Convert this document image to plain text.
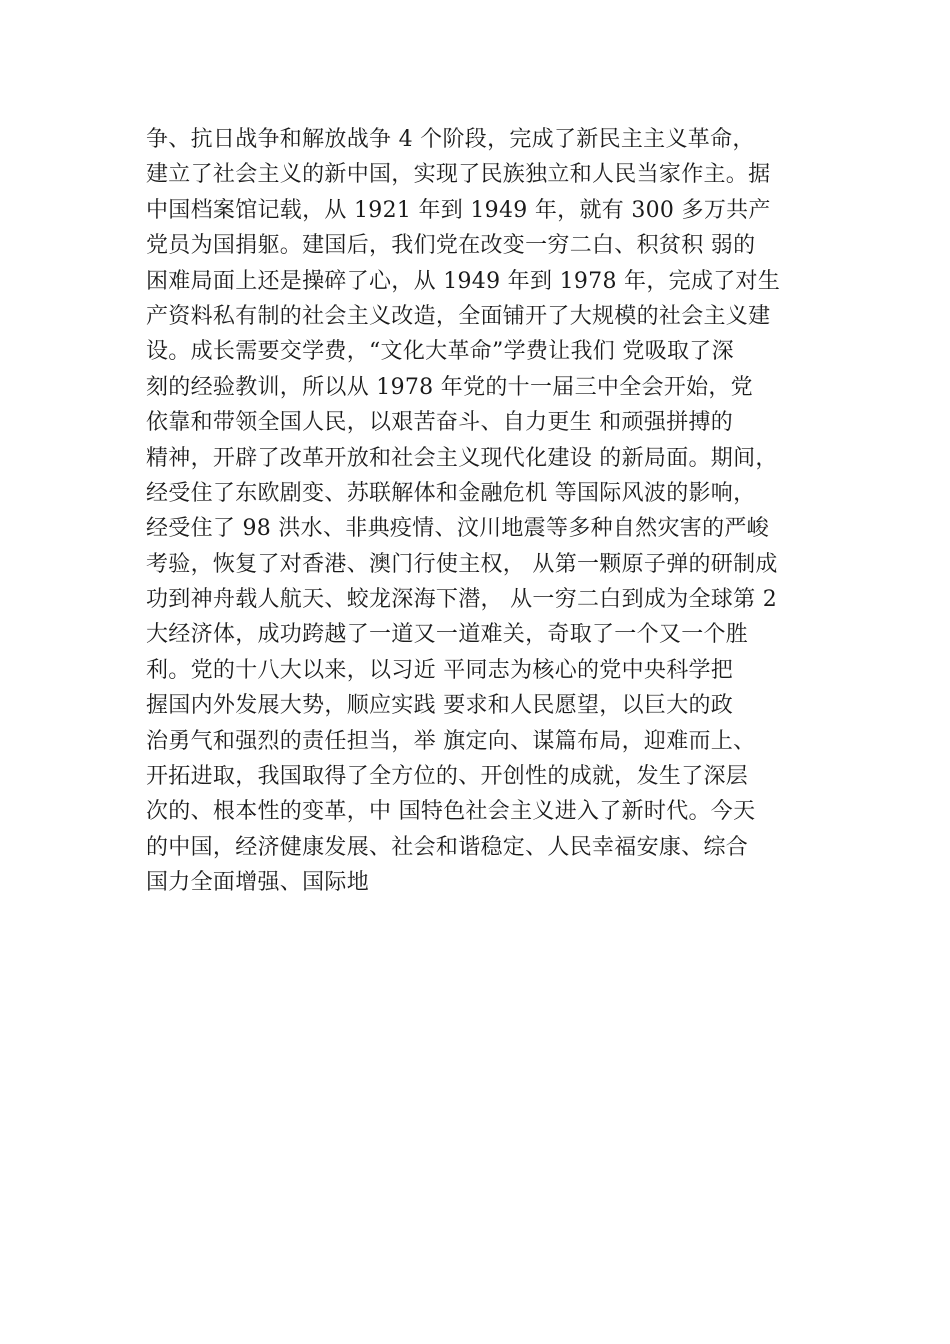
争、抗日战争和解放战争 4 个阶段，完成了新民主主义革命，
建立了社会主义的新中国，实现了民族独立和人民当家作主。据
中国档案馆记载，从 1921 年到 1949 年，就有 300 多万共产
党员为国捐躯。建国后，我们党在改变一穷二白、积贫积 弱的
困难局面上还是操碎了心，从 1949 年到 1978 年，完成了对生
产资料私有制的社会主义改造，全面铺开了大规模的社会主义建
设。成长需要交学费，“文化大革命”学费让我们 党吸取了深
刻的经验教训，所以从 1978 年党的十一届三中全会开始，党
依靠和带领全国人民，以艰苦奋斗、自力更生 和顽强拼搏的
精神，开辟了改革开放和社会主义现代化建设 的新局面。期间，
经受住了东欧剧变、苏联解体和金融危机 等国际风波的影响，
经受住了 98 洪水、非典疫情、汶川地震等多种自然灾害的严峻
考验，恢复了对香港、澳门行使主权， 从第一颗原子弹的研制成
功到神舟载人航天、蛟龙深海下潜， 从一穷二白到成为全球第 2
大经济体，成功跨越了一道又一道难关，奇取了一个又一个胜
利。党的十八大以来，以习近 平同志为核心的党中央科学把
握国内外发展大势，顺应实践 要求和人民愿望，以巨大的政
治勇气和强烈的责任担当，举 旗定向、谋篇布局，迎难而上、
开拓进取，我国取得了全方位的、开创性的成就，发生了深层
次的、根本性的变革，中 国特色社会主义进入了新时代。今天
的中国，经济健康发展、社会和谐稳定、人民幸福安康、综合
国力全面增强、国际地
